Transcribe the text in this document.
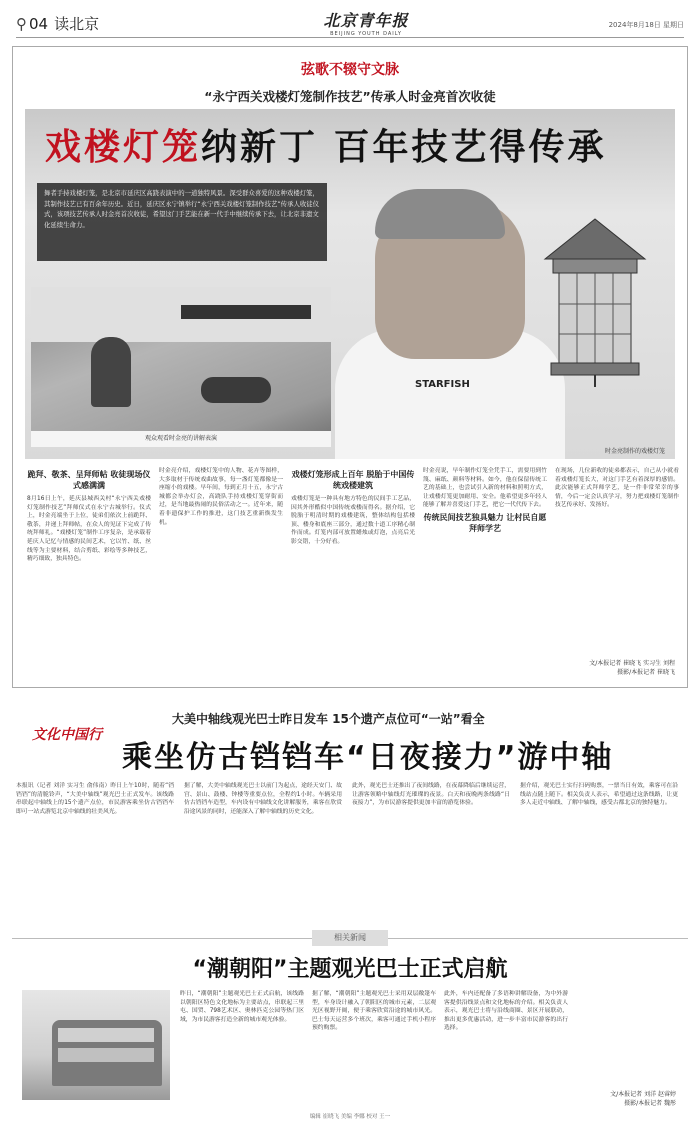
⚲ 04 读北京	北京青年报
BEIJING YOUTH DAILY
2024年8月18日 星期日
弦歌不辍守文脉
“永宁西关戏楼灯笼制作技艺”传承人时金亮首次收徒
戏楼灯笼纳新丁 百年技艺得传承
舞者手持戏楼灯笼，是北京市延庆区高跷表演中的一道独特风景。深受群众喜爱的这种戏楼灯笼，其制作技艺已有百余年历史。近日，延庆区永宁镇举行“永宁西关戏楼灯笼制作技艺”传承人收徒仪式，该项技艺传承人时金亮首次收徒，希望这门手艺能在新一代手中继续传承下去，让北京非遗文化延续生命力。
观众观看时金亮的讲解表演
STARFISH
时金亮制作的戏楼灯笼
跪拜、敬茶、呈拜师帖 收徒现场仪式感满满

8月16日上午，延庆县城西关村“永宁西关戏楼灯笼制作技艺”拜师仪式在永宁古城举行。仪式上，时金亮端坐于上位，徒弟们依次上前跪拜、敬茶，并递上拜师帖，在众人的见证下完成了传统拜师礼。“戏楼灯笼”制作工序复杂，是承载着延庆人记忆与情感的民间艺术，它以竹、纸、丝线等为主要材料，结合剪纸、彩绘等多种技艺，精巧细致，独具特色。

时金亮介绍，戏楼灯笼中的人物、花卉等图样，大多取材于传统戏曲故事，每一盏灯笼都像是一座缩小的戏楼。早年间，每到正月十五，永宁古城都会举办灯会，高跷队手持戏楼灯笼穿街而过，是当地最热闹的民俗活动之一。近年来，随着非遗保护工作的推进，这门技艺重新焕发生机。

戏楼灯笼形成上百年 脱胎于中国传统戏楼建筑

戏楼灯笼是一种具有地方特色的民间手工艺品，因其外形酷似中国传统戏楼而得名。据介绍，它脱胎于明清时期的戏楼建筑，整体结构包括楼顶、楼身和底座三部分，通过数十道工序精心制作而成。灯笼内部可放置蜡烛或灯泡，点亮后光影交错，十分好看。

时金亮说，早年制作灯笼全凭手工，需要用到竹篾、麻纸、颜料等材料。如今，他在保留传统工艺的基础上，也尝试引入新的材料和照明方式，让戏楼灯笼更加耐用、安全。他希望更多年轻人能够了解并喜爱这门手艺，把它一代代传下去。

传统民间技艺独具魅力 让村民自愿拜师学艺

在现场，几位新收的徒弟都表示，自己从小就看着戏楼灯笼长大，对这门手艺有着深厚的感情。此次能够正式拜师学艺，是一件非常荣幸的事情，今后一定会认真学习，努力把戏楼灯笼制作技艺传承好、发扬好。

文/本报记者 崔晓飞 实习生 刘程
摄影/本报记者 崔晓飞
大美中轴线观光巴士昨日发车 15个遗产点位可“一站”看全
文化中国行
乘坐仿古铛铛车“日夜接力”游中轴
本报讯（记者 刘洋 实习生 俞伟南）昨日上午10时，随着“铛铛铛”的清脆铃声，“大美中轴线”观光巴士正式发车。该线路串联起中轴线上的15个遗产点位，市民游客乘坐仿古铛铛车即可一站式游览北京中轴线的壮美风光。
据了解，大美中轴线观光巴士以前门为起点，途经天安门、故宫、景山、鼓楼、钟楼等重要点位，全程约1小时。车辆采用仿古铛铛车造型，车内设有中轴线文化讲解服务，乘客在欣赏沿途风景的同时，还能深入了解中轴线的历史文化。
此外，观光巴士还推出了夜间线路，在夜幕降临后继续运营，让游客领略中轴线灯光璀璨的夜景。白天和夜晚两条线路“日夜接力”，为市民游客提供更加丰富的游览体验。
据介绍，观光巴士实行扫码购票，一票当日有效，乘客可在沿线站点随上随下。相关负责人表示，希望通过这条线路，让更多人走近中轴线、了解中轴线，感受古都北京的独特魅力。
相关新闻
“潮朝阳”主题观光巴士正式启航
昨日，“潮朝阳”主题观光巴士正式启航，该线路以朝阳区特色文化地标为主要站点，串联起三里屯、国贸、798艺术区、奥林匹克公园等热门区域，为市民游客打造全新的城市观光体验。
据了解，“潮朝阳”主题观光巴士采用双层敞篷车型，车身设计融入了朝阳区的城市元素，二层观光区视野开阔，便于乘客欣赏沿途的城市风光。巴士每天运营多个班次，乘客可通过手机小程序预约购票。
此外，车内还配备了多语种讲解设备，为中外游客提供沿线景点和文化地标的介绍。相关负责人表示，观光巴士将与沿线商圈、景区开展联动，推出更多优惠活动，进一步丰富市民游客的出行选择。
文/本报记者 刘洋 赵睿婷
摄影/本报记者 魏彤
编辑 崔晓飞 美编 李娜 校对 王一
